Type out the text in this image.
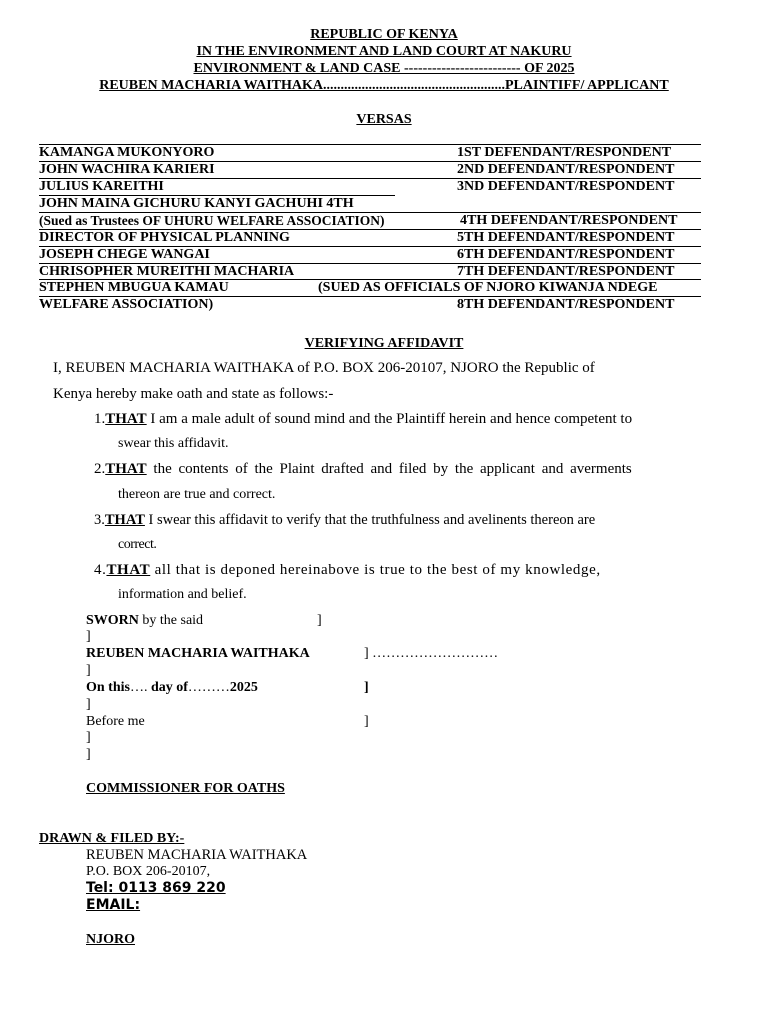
REPUBLIC OF KENYA
IN THE ENVIRONMENT AND LAND COURT AT NAKURU
ENVIRONMENT & LAND CASE ------------------------- OF 2025
REUBEN MACHARIA WAITHAKA....................................................PLAINTIFF/ APPLICANT
VERSAS
KAMANGA MUKONYORO	1ST DEFENDANT/RESPONDENT
JOHN WACHIRA KARIERI	2ND DEFENDANT/RESPONDENT
JULIUS KAREITHI	3ND DEFENDANT/RESPONDENT
JOHN MAINA GICHURU KANYI GACHUHI 4TH
(Sued as Trustees OF UHURU WELFARE ASSOCIATION)	4TH DEFENDANT/RESPONDENT
DIRECTOR OF PHYSICAL PLANNING	5TH DEFENDANT/RESPONDENT
JOSEPH CHEGE WANGAI	6TH DEFENDANT/RESPONDENT
CHRISOPHER MUREITHI MACHARIA	7TH DEFENDANT/RESPONDENT
STEPHEN MBUGUA KAMAU	(SUED AS OFFICIALS OF NJORO KIWANJA NDEGE
WELFARE ASSOCIATION)	8TH DEFENDANT/RESPONDENT
VERIFYING AFFIDAVIT
I, REUBEN MACHARIA WAITHAKA of P.O. BOX 206-20107, NJORO the Republic of
Kenya hereby make oath and state as follows:-
1.THAT I am a male adult of sound mind and the Plaintiff herein and hence competent to
swear this affidavit.
2.THAT the contents of the Plaint drafted and filed by the applicant and averments
thereon are true and correct.
3.THAT I swear this affidavit to verify that the truthfulness and avelinents thereon are
correct.
4.THAT all that is deponed hereinabove is true to the best of my knowledge,
information and belief.
SWORN by the said	]
]
REUBEN MACHARIA WAITHAKA	] ………………………
]
On this…. day of………2025	]
]
Before me	]
]
]
COMMISSIONER FOR OATHS
DRAWN & FILED BY:-
REUBEN MACHARIA WAITHAKA
P.O. BOX 206-20107,
Tel: 0113 869 220
EMAIL:
NJORO
